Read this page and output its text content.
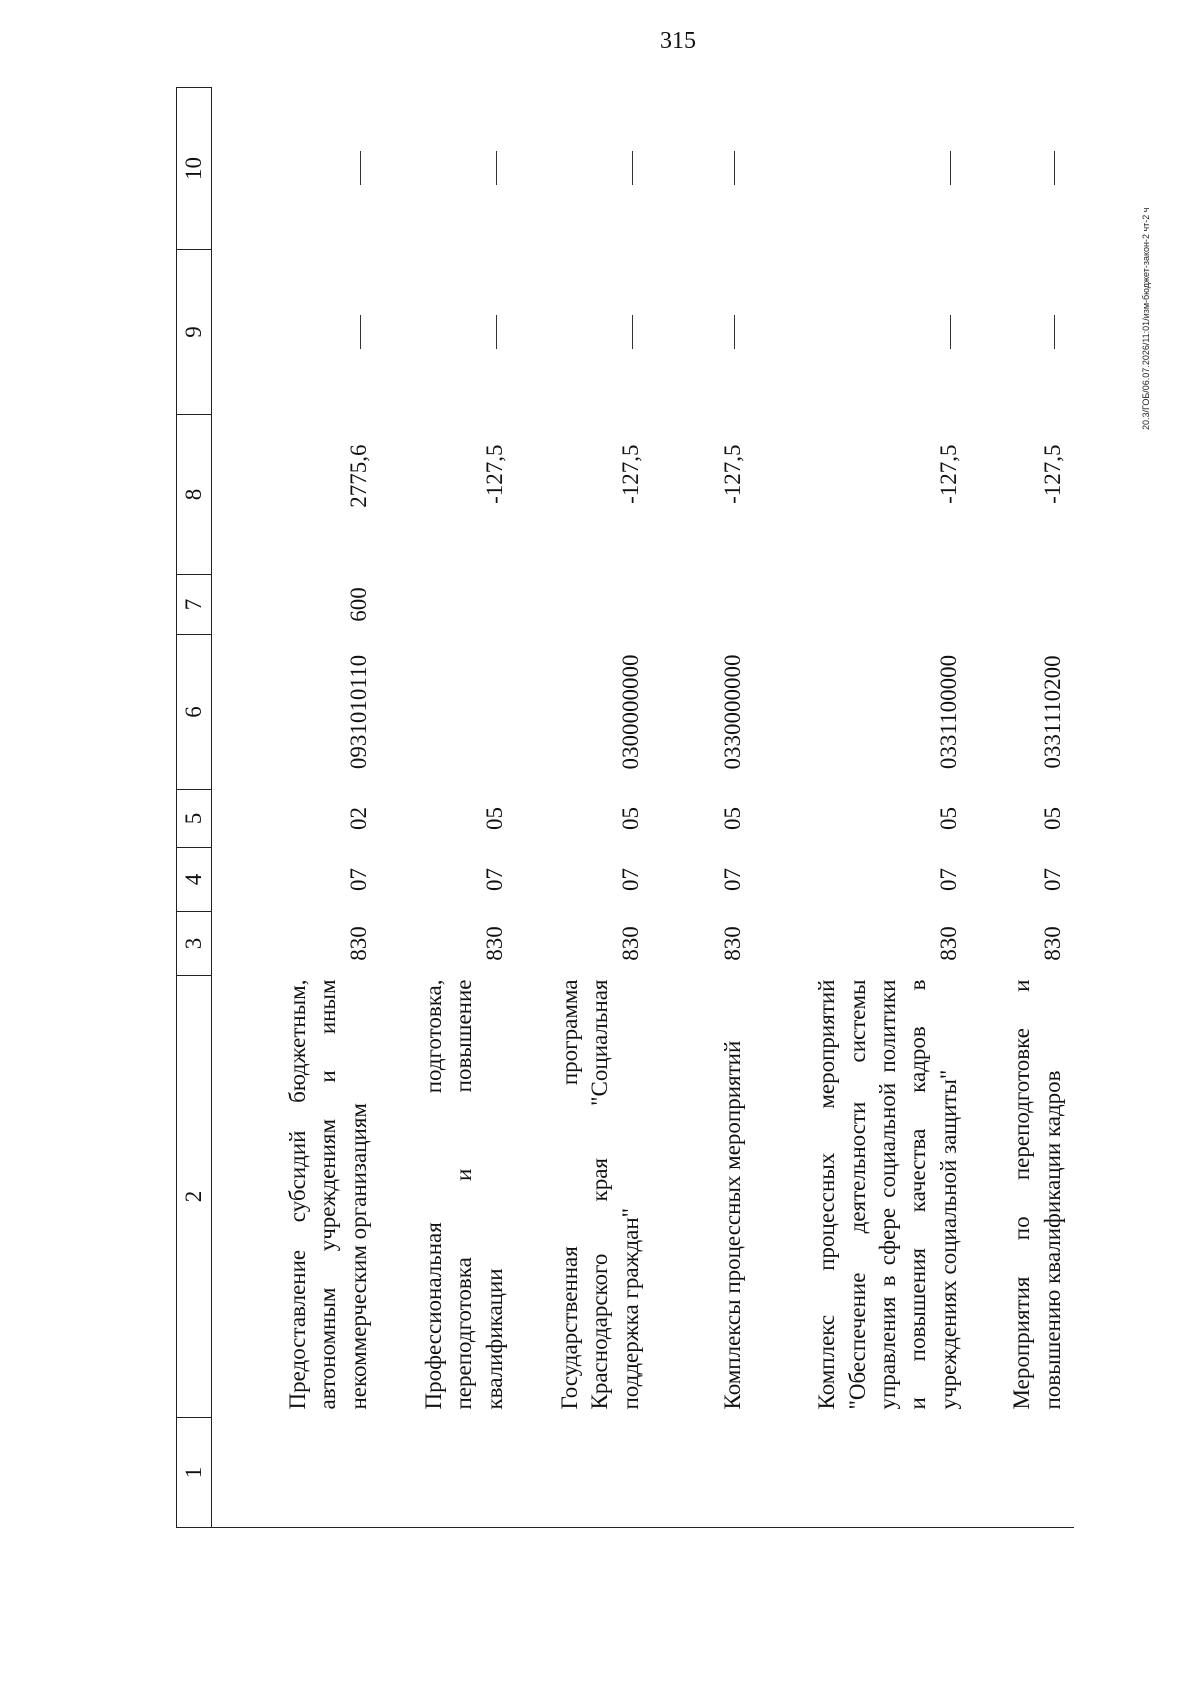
315
20.3/ГОБ/06.07.2026/11:01/изм-бюджет-закон-2 чт-2 ч
1	2	3	4	5	6	7	8	9	10
	Предоставление субсидий бюджетным, автономным учреждениям и иным некоммерческим организациям	830	07	02	0931010110	600	2775,6		
	Профессиональная подготовка, переподготовка и повышение квалификации	830	07	05			-127,5		
	Государственная программа Краснодарского края "Социальная поддержка граждан"	830	07	05	0300000000		-127,5		
	Комплексы процессных мероприятий	830	07	05	0330000000		-127,5		
	Комплекс процессных мероприятий "Обеспечение деятельности системы управления в сфере социальной политики и повышения качества кадров в учреждениях социальной защиты"	830	07	05	0331100000		-127,5		
	Мероприятия по переподготовке и повышению квалификации кадров	830	07	05	0331110200		-127,5		
